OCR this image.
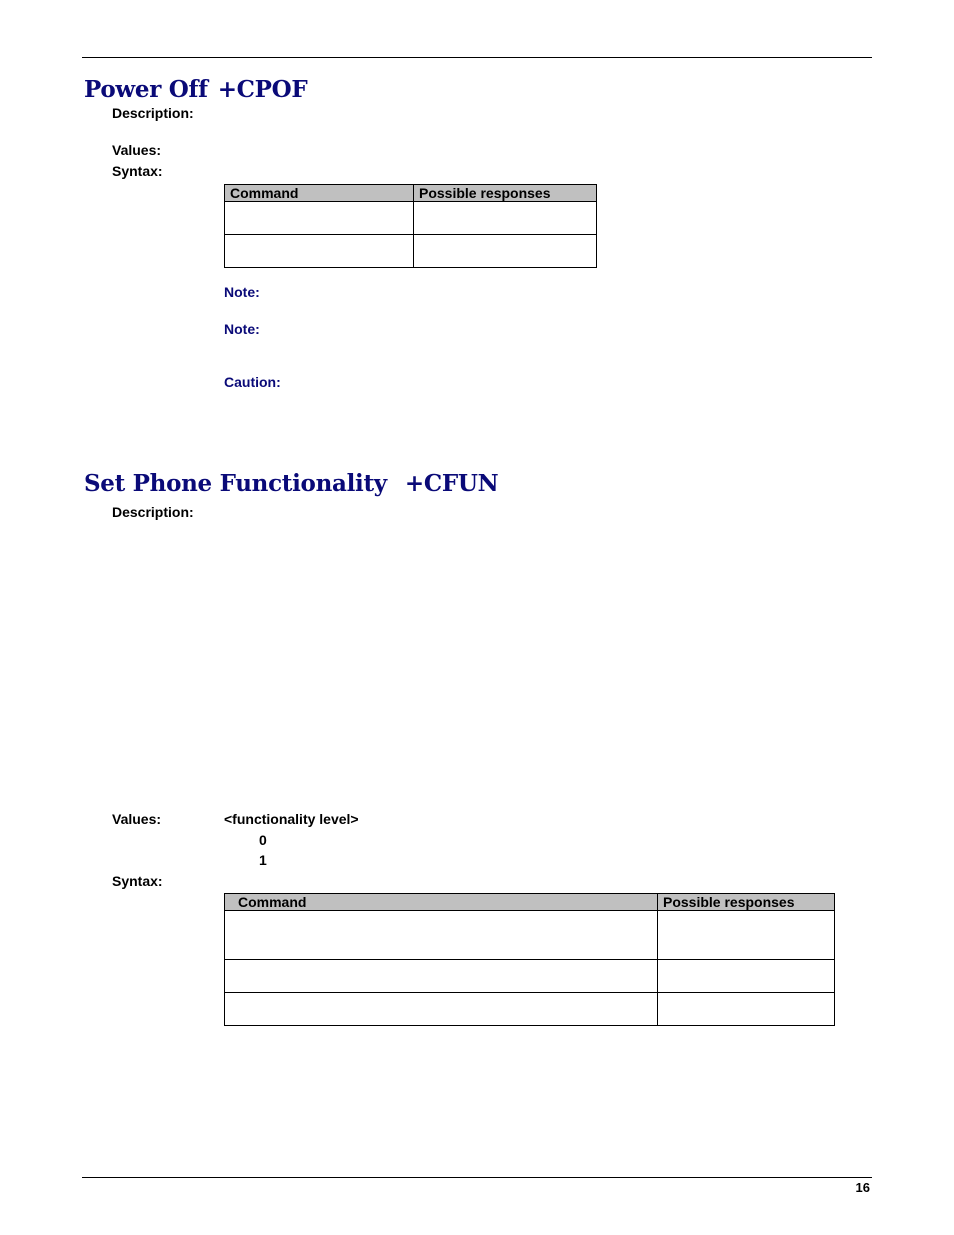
Power Off +CPOF
Description:
Values:
Syntax:
Command	Possible responses

Note:
Note:
Caution:
Set Phone Functionality +CFUN
Description:
Values:	<functionality level>
0
1
Syntax:
Command	Possible responses

16
